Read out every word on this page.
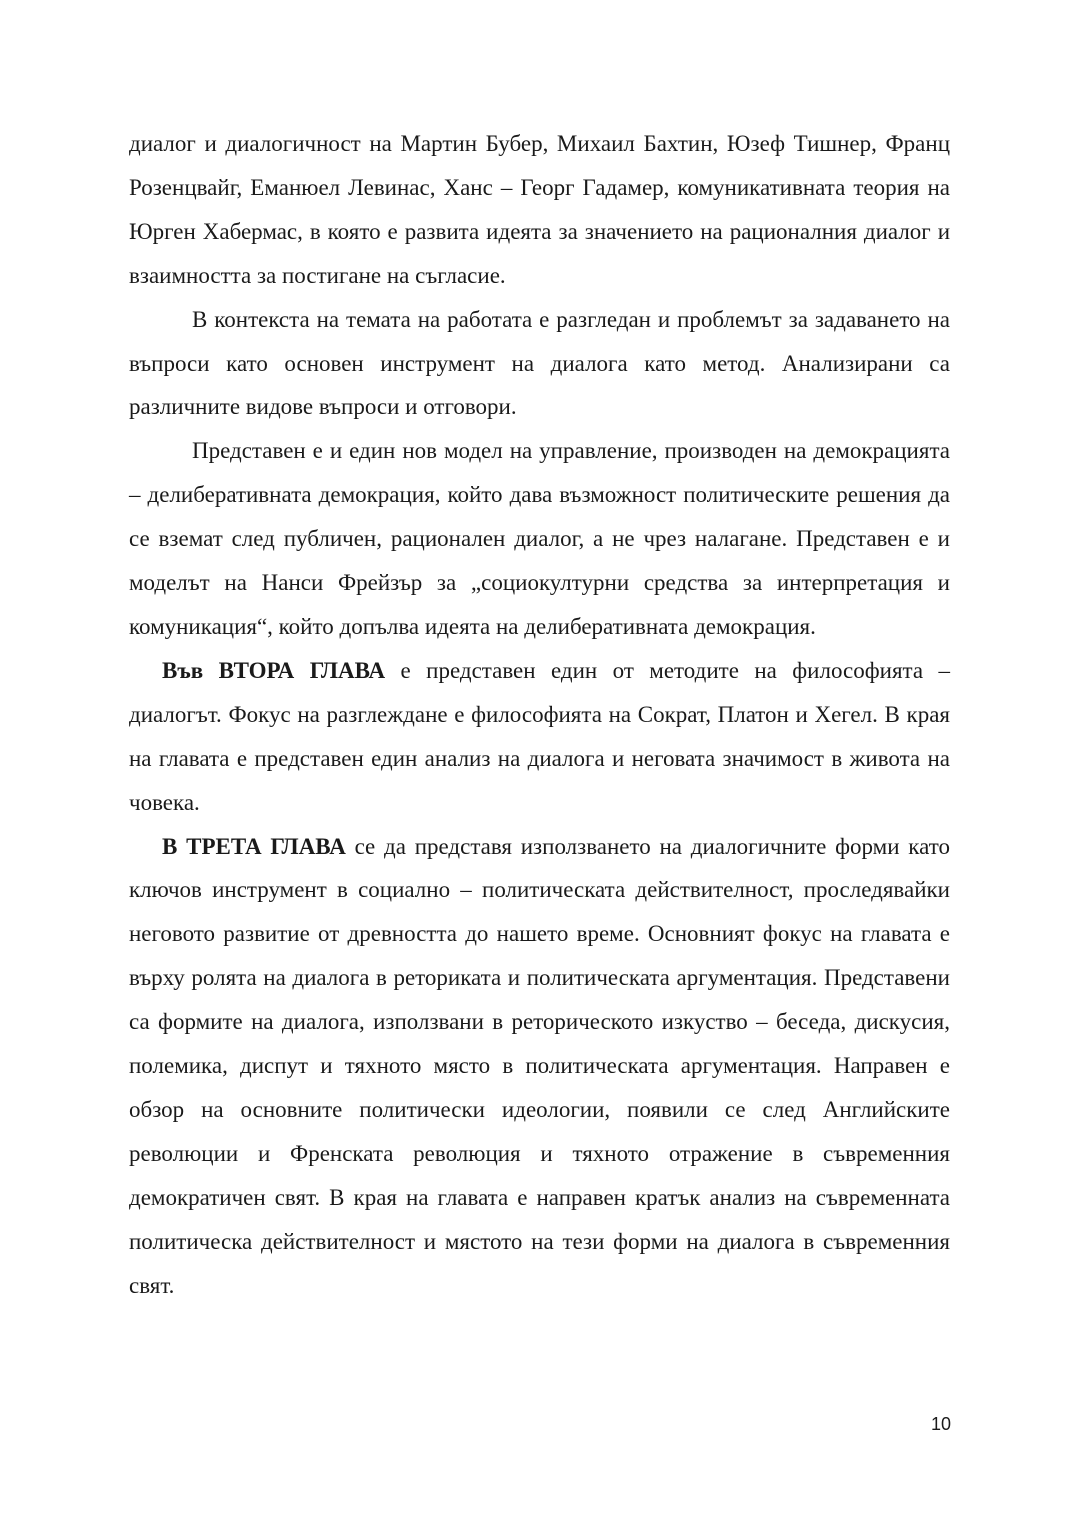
диалог и диалогичност на Мартин Бубер, Михаил Бахтин, Юзеф Тишнер, Франц Розенцвайг, Еманюел Левинас, Ханс – Георг Гадамер, комуникативната теория на Юрген Хабермас, в която е развита идеята за значението на рационалния диалог и взаимността за постигане на съгласие.

В контекста на темата на работата е разгледан и проблемът за задаването на въпроси като основен инструмент на диалога като метод. Анализирани са различните видове въпроси и отговори.

Представен е и един нов модел на управление, производен на демокрацията – делиберативната демокрация, който дава възможност политическите решения да се вземат след публичен, рационален диалог, а не чрез налагане. Представен е и моделът на Нанси Фрейзър за „социокултурни средства за интерпретация и комуникация“, който допълва идеята на делиберативната демокрация.

Във ВТОРА ГЛАВА е представен един от методите на философията – диалогът. Фокус на разглеждане е философията на Сократ, Платон и Хегел. В края на главата е представен един анализ на диалога и неговата значимост в живота на човека.

В ТРЕТА ГЛАВА се да представя използването на диалогичните форми като ключов инструмент в социално – политическата действителност, проследявайки неговото развитие от древността до нашето време. Основният фокус на главата е върху ролята на диалога в реториката и политическата аргументация. Представени са формите на диалога, използвани в реторическото изкуство – беседа, дискусия, полемика, диспут и тяхното място в политическата аргументация. Направен е обзор на основните политически идеологии, появили се след Английските революции и Френската революция и тяхното отражение в съвременния демократичен свят. В края на главата е направен кратък анализ на съвременната политическа действителност и мястото на тези форми на диалога в съвременния свят.

10
